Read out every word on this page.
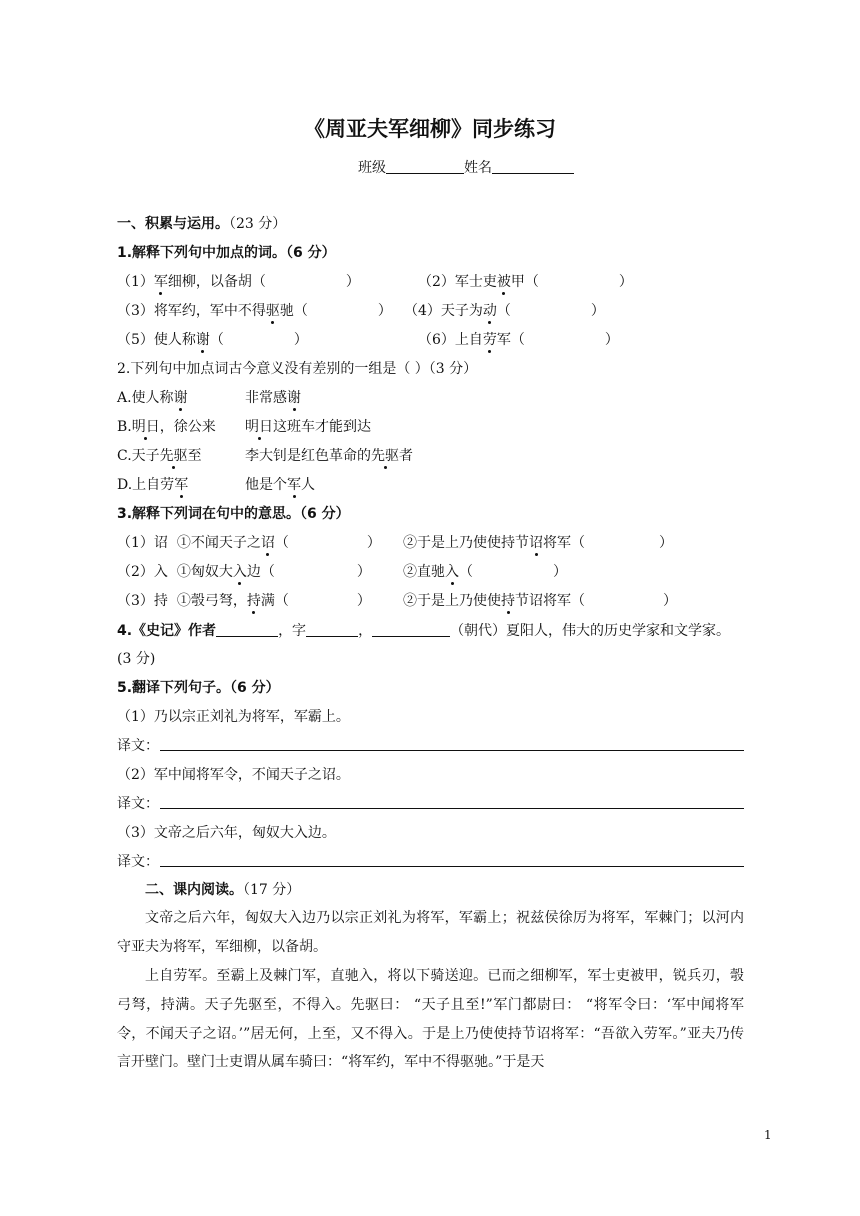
《周亚夫军细柳》同步练习
班级	姓名
一、积累与运用。（23 分）
1.解释下列句中加点的词。（6 分）
（1）军细柳，以备胡（	）	（2）军士吏被甲（	）
（3）将军约，军中不得驱驰（	） （4）天子为动（	）
（5）使人称谢（	）	（6）上自劳军（	）
2.下列句中加点词古今意义没有差别的一组是（ ）（3 分）
A.使人称谢	非常感谢
B.明日，徐公来 明日这班车才能到达
C.天子先驱至	李大钊是红色革命的先驱者
D.上自劳军	他是个军人
3.解释下列词在句中的意思。（6 分）
（1）诏 ①不闻天子之诏（	） ②于是上乃使使持节诏将军（	）
（2）入 ①匈奴大入边（	） ②直驰入（	）
（3）持 ①彀弓弩，持满（	） ②于是上乃使使持节诏将军（	）
4.《史记》作者	，字	，	（朝代）夏阳人，伟大的历史学家和文学家。
(3 分)
5.翻译下列句子。（6 分）
（1）乃以宗正刘礼为将军，军霸上。
译文：
（2）军中闻将军令，不闻天子之诏。
译文：
（3）文帝之后六年，匈奴大入边。
译文：
二、课内阅读。（17 分）
文帝之后六年，匈奴大入边乃以宗正刘礼为将军，军霸上；祝兹侯徐厉为将军，军棘门；以河内守亚夫为将军，军细柳，以备胡。
上自劳军。至霸上及棘门军，直驰入，将以下骑送迎。已而之细柳军，军士吏被甲，锐兵刃，彀弓弩，持满。天子先驱至，不得入。先驱曰： “天子且至!”军门都尉曰： “将军令曰：‘军中闻将军令，不闻天子之诏。’”居无何，上至，又不得入。于是上乃使使持节诏将军：“吾欲入劳军。”亚夫乃传言开壁门。壁门士吏谓从属车骑曰：“将军约，军中不得驱驰。”于是天
1
